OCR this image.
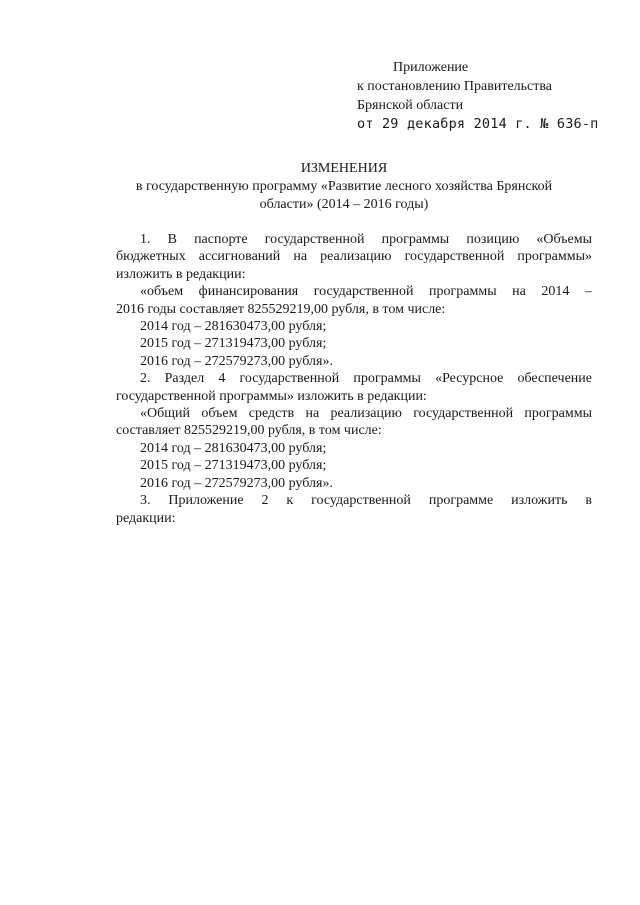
Приложение
к постановлению Правительства
Брянской области
от 29 декабря 2014 г. № 636-п
ИЗМЕНЕНИЯ
в государственную программу «Развитие лесного хозяйства Брянской
области» (2014 – 2016 годы)
1. В паспорте государственной программы позицию «Объемы
бюджетных ассигнований на реализацию государственной программы»
изложить в редакции:
«объем финансирования государственной программы на 2014 –
2016 годы составляет 825529219,00 рубля, в том числе:
2014 год – 281630473,00 рубля;
2015 год – 271319473,00 рубля;
2016 год – 272579273,00 рубля».
2. Раздел 4 государственной программы «Ресурсное обеспечение
государственной программы» изложить в редакции:
«Общий объем средств на реализацию государственной программы
составляет 825529219,00 рубля, в том числе:
2014 год – 281630473,00 рубля;
2015 год – 271319473,00 рубля;
2016 год – 272579273,00 рубля».
3. Приложение 2 к государственной программе изложить в
редакции:
